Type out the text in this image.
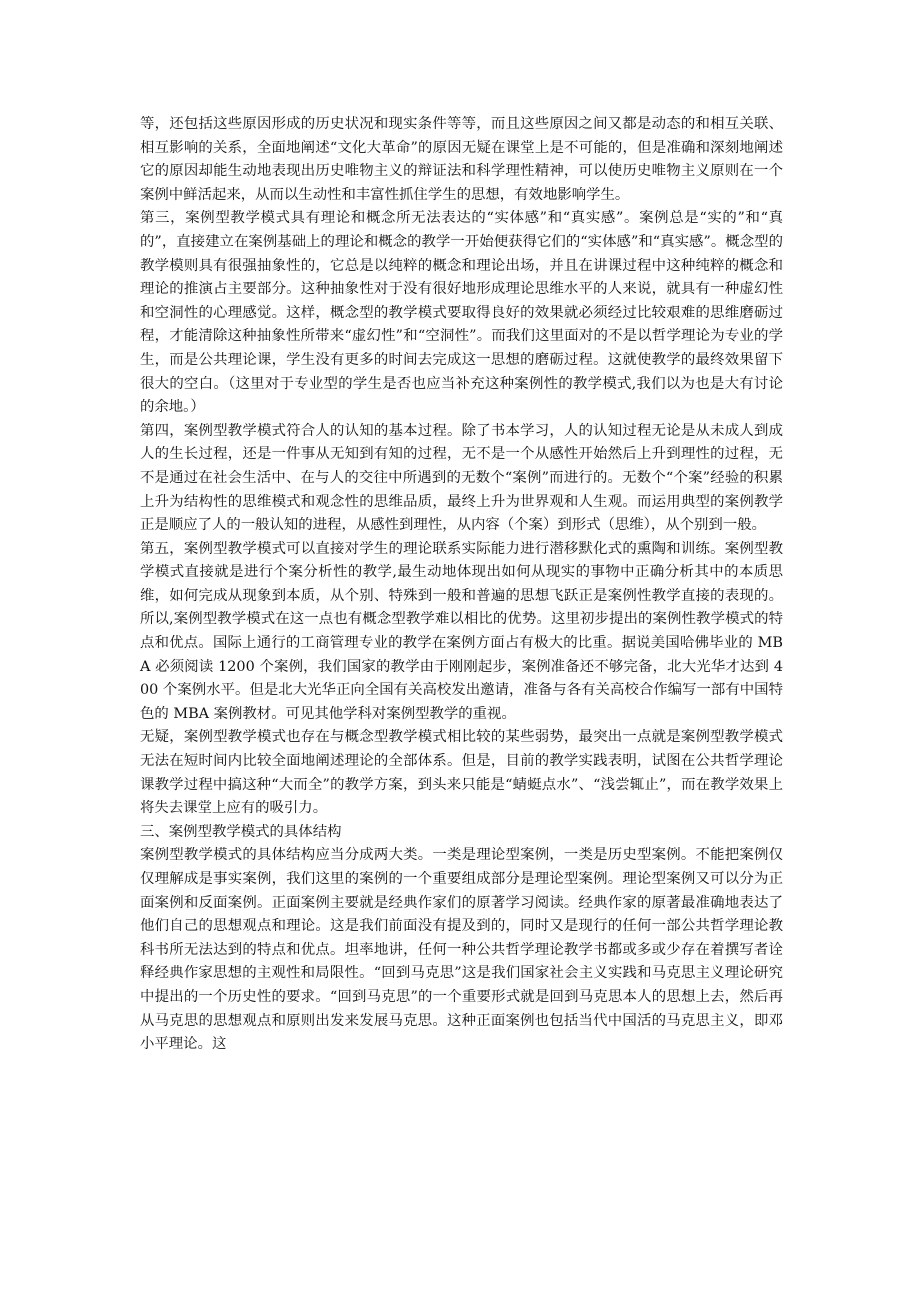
等，还包括这些原因形成的历史状况和现实条件等等，而且这些原因之间又都是动态的和相互关联、相互影响的关系，全面地阐述“文化大革命”的原因无疑在课堂上是不可能的，但是准确和深刻地阐述它的原因却能生动地表现出历史唯物主义的辩证法和科学理性精神，可以使历史唯物主义原则在一个案例中鲜活起来，从而以生动性和丰富性抓住学生的思想，有效地影响学生。

第三，案例型教学模式具有理论和概念所无法表达的“实体感”和“真实感”。案例总是“实的”和“真的”，直接建立在案例基础上的理论和概念的教学一开始便获得它们的“实体感”和“真实感”。概念型的教学模则具有很强抽象性的，它总是以纯粹的概念和理论出场，并且在讲课过程中这种纯粹的概念和理论的推演占主要部分。这种抽象性对于没有很好地形成理论思维水平的人来说，就具有一种虚幻性和空洞性的心理感觉。这样，概念型的教学模式要取得良好的效果就必须经过比较艰难的思维磨砺过程，才能清除这种抽象性所带来“虚幻性”和“空洞性”。而我们这里面对的不是以哲学理论为专业的学生，而是公共理论课，学生没有更多的时间去完成这一思想的磨砺过程。这就使教学的最终效果留下很大的空白。（这里对于专业型的学生是否也应当补充这种案例性的教学模式,我们以为也是大有讨论的余地。）

第四，案例型教学模式符合人的认知的基本过程。除了书本学习，人的认知过程无论是从未成人到成人的生长过程，还是一件事从无知到有知的过程，无不是一个从感性开始然后上升到理性的过程，无不是通过在社会生活中、在与人的交往中所遇到的无数个“案例”而进行的。无数个“个案”经验的积累上升为结构性的思维模式和观念性的思维品质，最终上升为世界观和人生观。而运用典型的案例教学正是顺应了人的一般认知的进程，从感性到理性，从内容（个案）到形式（思维），从个别到一般。

第五，案例型教学模式可以直接对学生的理论联系实际能力进行潜移默化式的熏陶和训练。案例型教学模式直接就是进行个案分析性的教学,最生动地体现出如何从现实的事物中正确分析其中的本质思维，如何完成从现象到本质，从个别、特殊到一般和普遍的思想飞跃正是案例性教学直接的表现的。所以,案例型教学模式在这一点也有概念型教学难以相比的优势。这里初步提出的案例性教学模式的特点和优点。国际上通行的工商管理专业的教学在案例方面占有极大的比重。据说美国哈佛毕业的 MBA 必须阅读 1200 个案例，我们国家的教学由于刚刚起步，案例准备还不够完备，北大光华才达到 400 个案例水平。但是北大光华正向全国有关高校发出邀请，准备与各有关高校合作编写一部有中国特色的 MBA 案例教材。可见其他学科对案例型教学的重视。

无疑，案例型教学模式也存在与概念型教学模式相比较的某些弱势，最突出一点就是案例型教学模式无法在短时间内比较全面地阐述理论的全部体系。但是，目前的教学实践表明，试图在公共哲学理论课教学过程中搞这种“大而全”的教学方案，到头来只能是“蜻蜓点水”、“浅尝辄止”，而在教学效果上将失去课堂上应有的吸引力。

三、案例型教学模式的具体结构

案例型教学模式的具体结构应当分成两大类。一类是理论型案例，一类是历史型案例。不能把案例仅仅理解成是事实案例，我们这里的案例的一个重要组成部分是理论型案例。理论型案例又可以分为正面案例和反面案例。正面案例主要就是经典作家们的原著学习阅读。经典作家的原著最准确地表达了他们自己的思想观点和理论。这是我们前面没有提及到的，同时又是现行的任何一部公共哲学理论教科书所无法达到的特点和优点。坦率地讲，任何一种公共哲学理论教学书都或多或少存在着撰写者诠释经典作家思想的主观性和局限性。“回到马克思”这是我们国家社会主义实践和马克思主义理论研究中提出的一个历史性的要求。“回到马克思”的一个重要形式就是回到马克思本人的思想上去，然后再从马克思的思想观点和原则出发来发展马克思。这种正面案例也包括当代中国活的马克思主义，即邓小平理论。这
